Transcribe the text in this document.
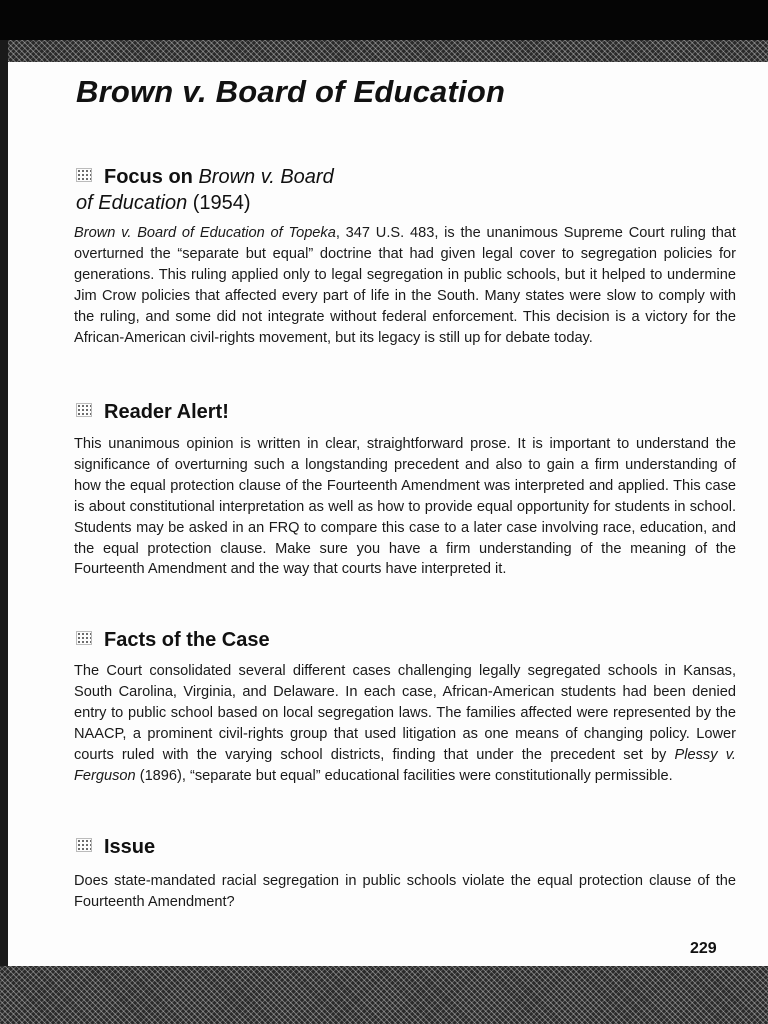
Brown v. Board of Education
Focus on Brown v. Board
of Education (1954)

Brown v. Board of Education of Topeka, 347 U.S. 483, is the unanimous Supreme Court ruling that overturned the “separate but equal” doctrine that had given legal cover to segregation policies for generations. This ruling applied only to legal segregation in public schools, but it helped to undermine Jim Crow policies that affected every part of life in the South. Many states were slow to comply with the ruling, and some did not integrate without federal enforcement. This decision is a victory for the African-American civil-rights movement, but its legacy is still up for debate today.

Reader Alert!

This unanimous opinion is written in clear, straightforward prose. It is important to understand the significance of overturning such a longstanding precedent and also to gain a firm understanding of how the equal protection clause of the Fourteenth Amendment was interpreted and applied. This case is about constitutional interpretation as well as how to provide equal opportunity for students in school. Students may be asked in an FRQ to compare this case to a later case involving race, education, and the equal protection clause. Make sure you have a firm understanding of the meaning of the Fourteenth Amendment and the way that courts have interpreted it.

Facts of the Case

The Court consolidated several different cases challenging legally segregated schools in Kansas, South Carolina, Virginia, and Delaware. In each case, African-American students had been denied entry to public school based on local segregation laws. The families affected were represented by the NAACP, a prominent civil-rights group that used litigation as one means of changing policy. Lower courts ruled with the varying school districts, finding that under the precedent set by Plessy v. Ferguson (1896), “separate but equal” educational facilities were constitutionally permissible.

Issue

Does state-mandated racial segregation in public schools violate the equal protection clause of the Fourteenth Amendment?

229
